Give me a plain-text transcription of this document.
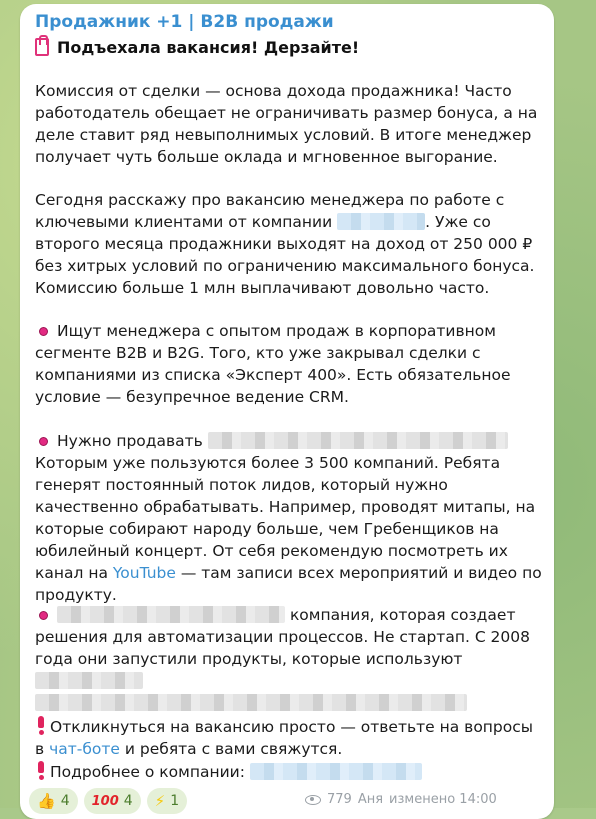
Продажник +1 | B2B продажи
Подъехала вакансия! Дерзайте!
Комиссия от сделки — основа дохода продажника! Часто работодатель обещает не ограничивать размер бонуса, а на деле ставит ряд невыполнимых условий. В итоге менеджер получает чуть больше оклада и мгновенное выгорание.
Сегодня расскажу про вакансию менеджера по работе с ключевыми клиентами от компании	. Уже со второго месяца продажники выходят на доход от 250 000 ₽ без хитрых условий по ограничению максимального бонуса. Комиссию больше 1 млн выплачивают довольно часто.
Ищут менеджера с опытом продаж в корпоративном сегменте B2B и B2G. Того, кто уже закрывал сделки с компаниями из списка «Эксперт 400». Есть обязательное условие — безупречное ведение CRM.
Нужно продавать
Которым уже пользуются более 3 500 компаний. Ребята генерят постоянный поток лидов, который нужно качественно обрабатывать. Например, проводят митапы, на которые собирают народу больше, чем Гребенщиков на юбилейный концерт. От себя рекомендую посмотреть их канал на YouTube — там записи всех мероприятий и видео по продукту.
компания, которая создает решения для автоматизации процессов. Не стартап. С 2008 года они запустили продукты, которые используют

Откликнуться на вакансию просто — ответьте на вопросы в чат-боте и ребята с вами свяжутся.
Подробнее о компании:
👍 4 100 4 ⚡ 1	779 Аня изменено 14:00
